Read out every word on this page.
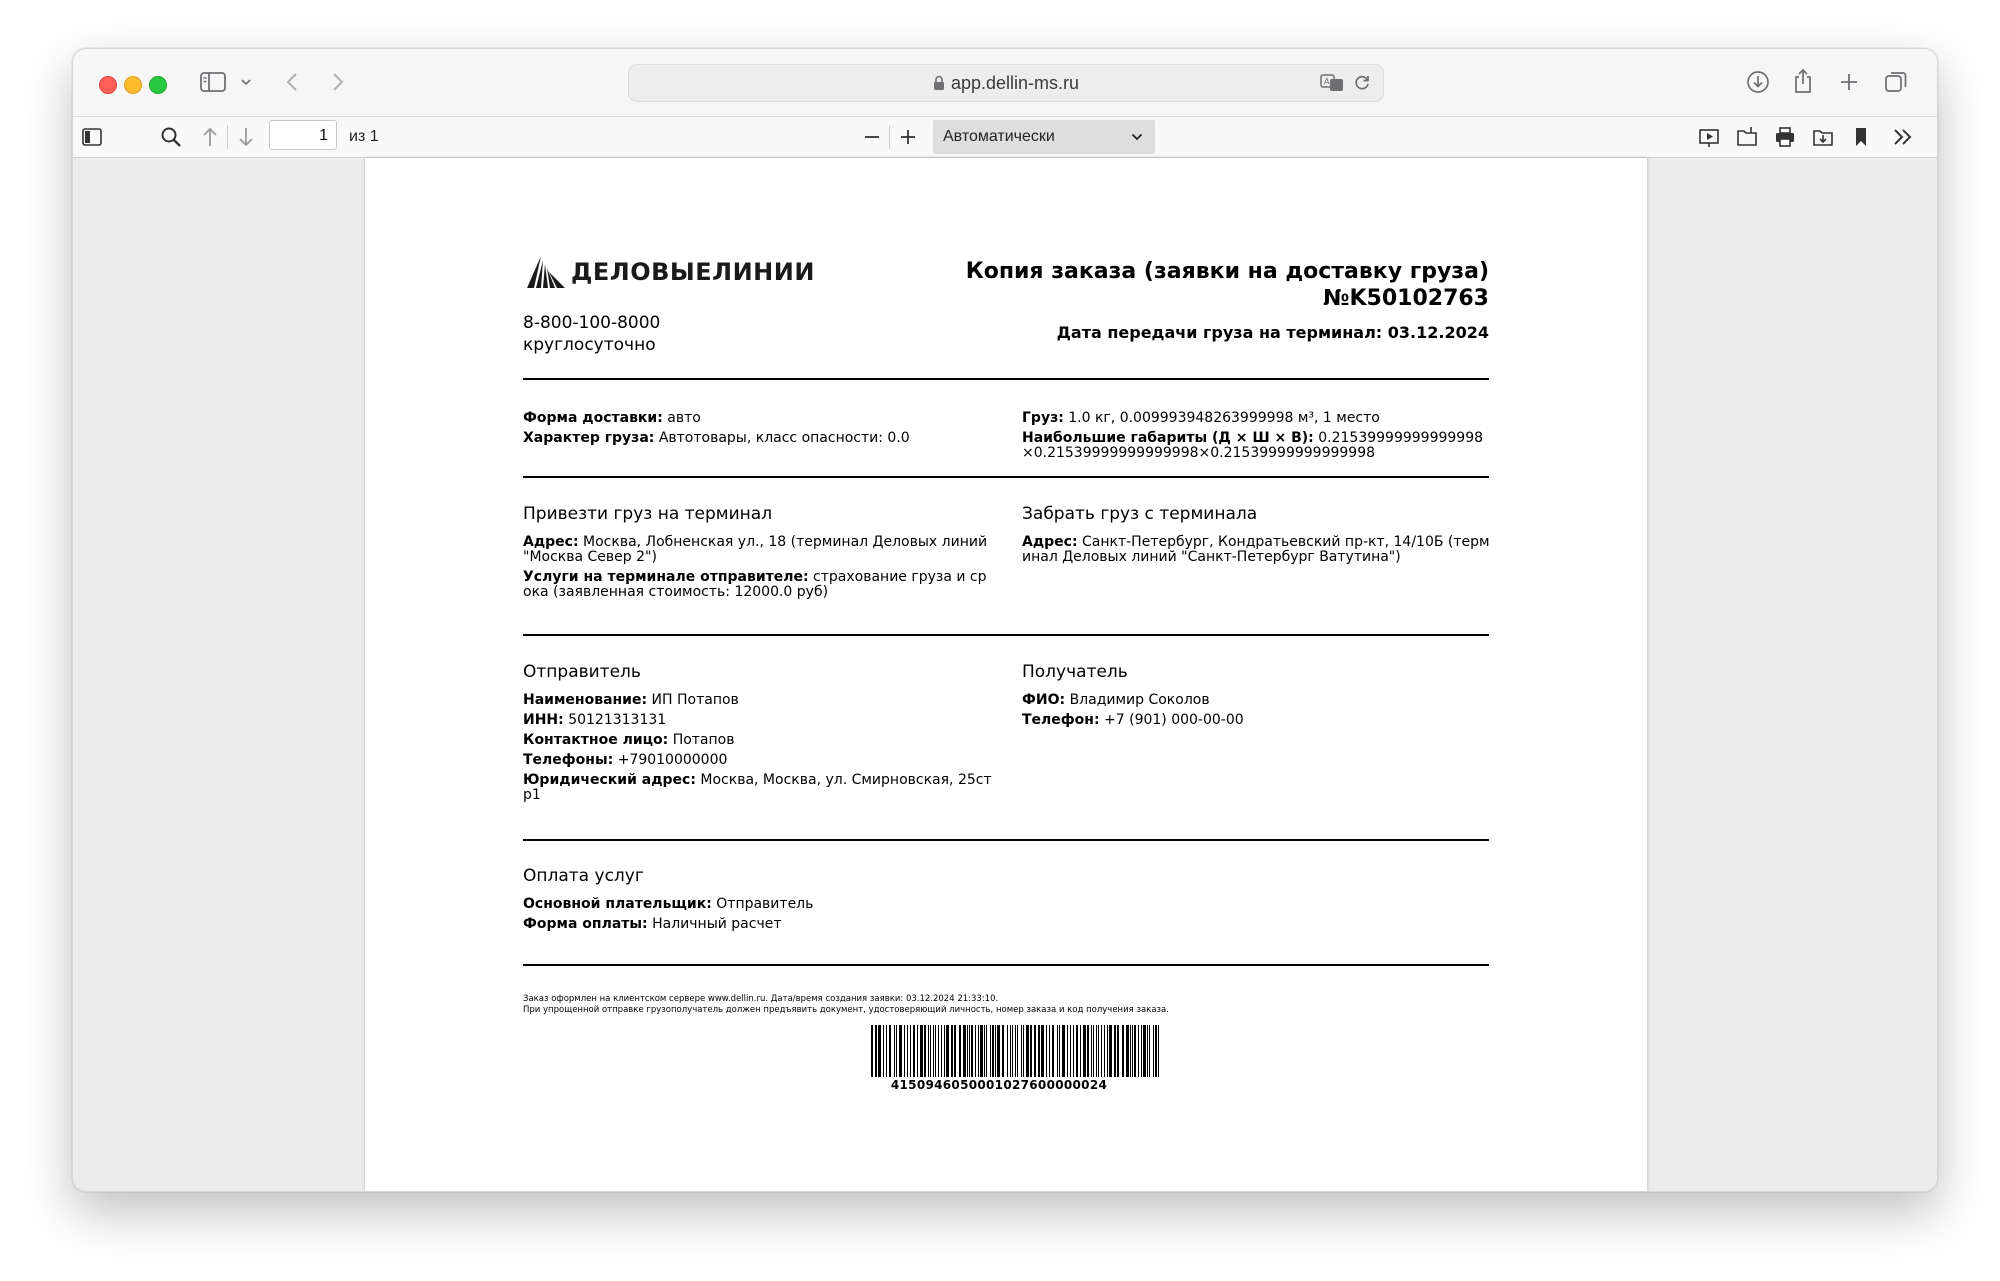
app.dellin-ms.ru	A
1	из 1	Автоматически
ДЕЛОВЫЕЛИНИИ
8-800-100-8000
круглосуточно
Копия заказа (заявки на доставку груза)
№K50102763
Дата передачи груза на терминал: 03.12.2024
Форма доставки: авто
Характер груза: Автотовары, класс опасности: 0.0
Груз: 1.0 кг, 0.009993948263999998 м³, 1 место
Наибольшие габариты (Д × Ш × В): 0.21539999999999998×0.21539999999999998×0.21539999999999998
Привезти груз на терминал
Адрес: Москва, Лобненская ул., 18 (терминал Деловых линий "Москва Север 2")
Услуги на терминале отправителе: страхование груза и срока (заявленная стоимость: 12000.0 руб)
Забрать груз с терминала
Адрес: Санкт-Петербург, Кондратьевский пр-кт, 14/10Б (терминал Деловых линий "Санкт-Петербург Ватутина")
Отправитель
Наименование: ИП Потапов
ИНН: 50121313131
Контактное лицо: Потапов
Телефоны: +79010000000
Юридический адрес: Москва, Москва, ул. Смирновская, 25стр1
Получатель
ФИО: Владимир Соколов
Телефон: +7 (901) 000-00-00
Оплата услуг
Основной плательщик: Отправитель
Форма оплаты: Наличный расчет
Заказ оформлен на клиентском сервере www.dellin.ru. Дата/время создания заявки: 03.12.2024 21:33:10.
При упрощенной отправке грузополучатель должен предъявить документ, удостоверяющий личность, номер заказа и код получения заказа.
4150946050001027600000024
